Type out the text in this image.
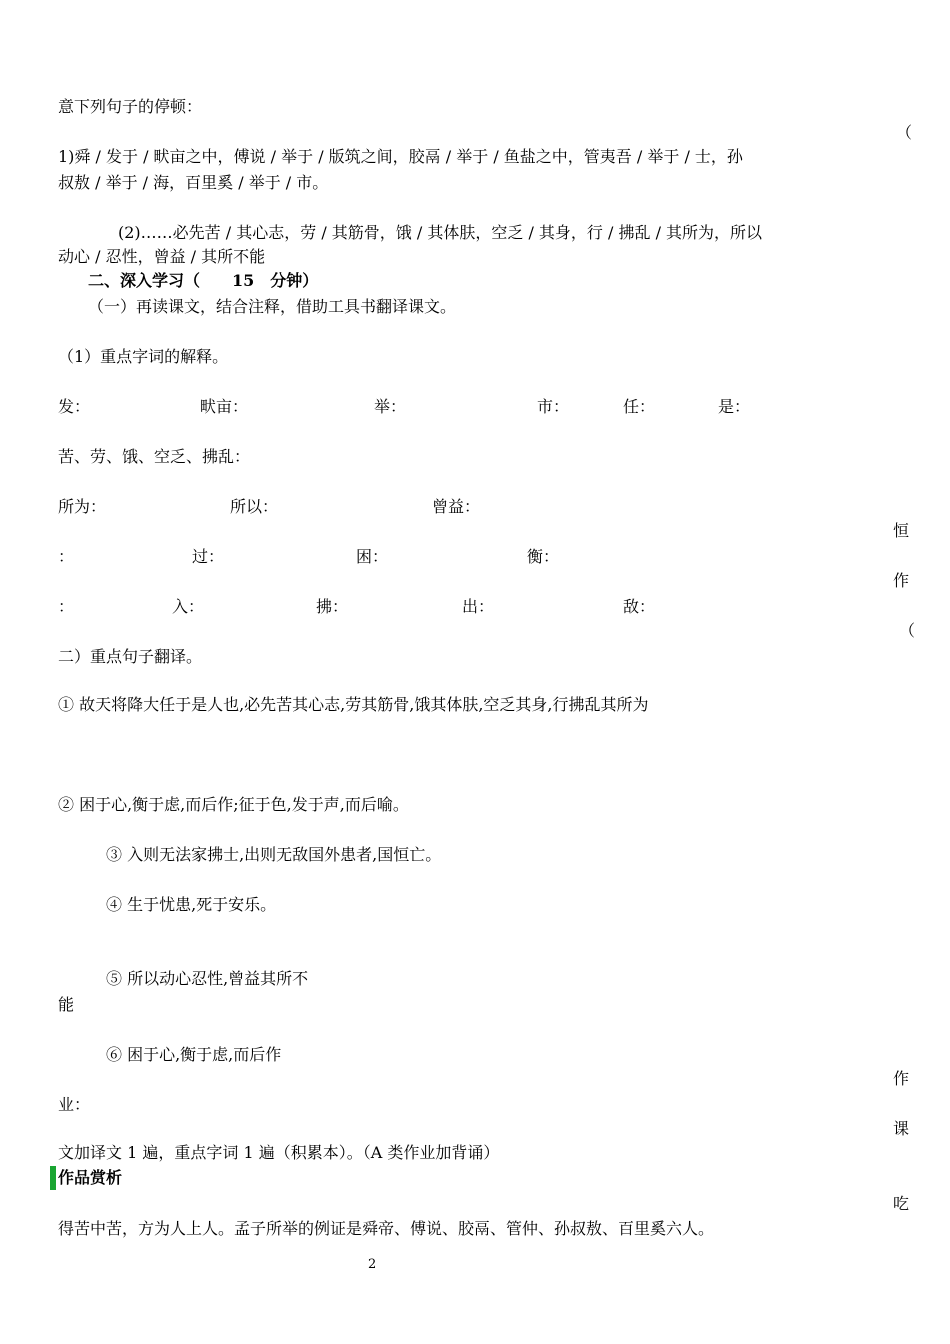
意下列句子的停顿：
（
1)舜 / 发于 / 畎亩之中，傅说 / 举于 / 版筑之间，胶鬲 / 举于 / 鱼盐之中，管夷吾 / 举于 / 士，孙
叔敖 / 举于 / 海，百里奚 / 举于 / 市。
(2)……必先苦 / 其心志，劳 / 其筋骨，饿 / 其体肤，空乏 / 其身，行 / 拂乱 / 其所为，所以
动心 / 忍性，曾益 / 其所不能
二、深入学习（　　15　分钟）
（一）再读课文，结合注释，借助工具书翻译课文。
（1）重点字词的解释。
发：	畎亩：	举：	市：	任：	是：
苦、劳、饿、空乏、拂乱：
所为：	所以：	曾益：
恒
：	过：	困：	衡：
作
：	入：	拂：	出：	敌：
（
二）重点句子翻译。
① 故天将降大任于是人也,必先苦其心志,劳其筋骨,饿其体肤,空乏其身,行拂乱其所为
② 困于心,衡于虑,而后作;征于色,发于声,而后喻。
③ 入则无法家拂士,出则无敌国外患者,国恒亡。
④ 生于忧患,死于安乐。
⑤ 所以动心忍性,曾益其所不
能
⑥ 困于心,衡于虑,而后作
作
业：
课
文加译文 1 遍，重点字词 1 遍（积累本）。（A 类作业加背诵）
作品赏析
吃
得苦中苦，方为人上人。孟子所举的例证是舜帝、傅说、胶鬲、管仲、孙叔敖、百里奚六人。
2
